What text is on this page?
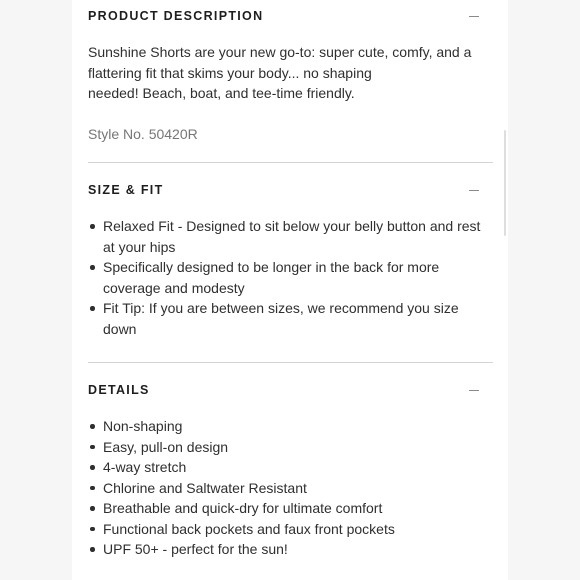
PRODUCT DESCRIPTION
Sunshine Shorts are your new go-to: super cute, comfy, and a
flattering fit that skims your body... no shaping
needed! Beach, boat, and tee-time friendly.
Style No. 50420R
SIZE & FIT
Relaxed Fit - Designed to sit below your belly button and rest at your hips
Specifically designed to be longer in the back for more coverage and modesty
Fit Tip: If you are between sizes, we recommend you size down
DETAILS
Non-shaping
Easy, pull-on design
4-way stretch
Chlorine and Saltwater Resistant
Breathable and quick-dry for ultimate comfort
Functional back pockets and faux front pockets
UPF 50+ - perfect for the sun!
